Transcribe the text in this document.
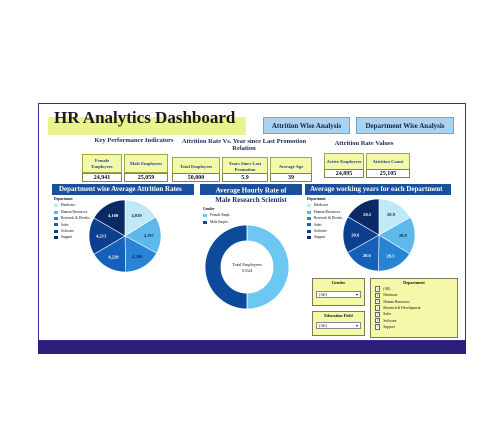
HR Analytics Dashboard	Attrition Wise Analysis	Department Wise Analysis
Key Performance Indicators
Female Employees
24,941
Male Employees
25,059
Attrition Rate Vs. Year since Last Promotion Relation
Total Employees
50,000
Years Since Last Promotion
5.9
Average Age
39
Attrition Rate Values
Active Employees
24,895
Attrition Count
25,105
Department wise Average Attrition Rates	Average working years for each Department
Department
Hardware
Human Resources
Research & Develo..
Sales
Software
Support
4,039
4,197
4,200
4,220
4,213
4,160
Average Hourly Rate of
Male Research Scientist
Gender
Female Empl..
Male Emplo..
Total Employees
5,024
Department
Hardware
Human Resources
Research & Develo..
Sales
Software
Support
20.9
20.9
20.5
20.6
20.6
20.5
Gender
(All)	▾
Education Field
(All)	▾
Department
✓	(All)
✓	Hardware
✓	Human Resources
✓	Research & Development
✓	Sales
✓	Software
✓	Support
